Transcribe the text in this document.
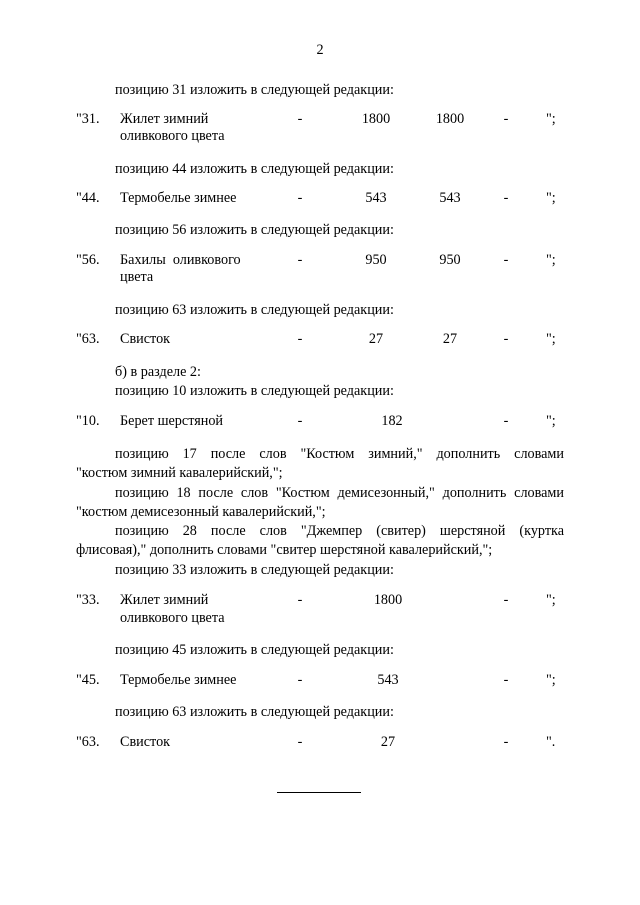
2
позицию 31 изложить в следующей редакции:
"31. Жилет зимний
оливкового цвета
-	1800	1800	-	";
позицию 44 изложить в следующей редакции:
"44. Термобелье зимнее	-	543	543	-	";
позицию 56 изложить в следующей редакции:
"56. Бахилы  оливкового
цвета
-	950	950	-	";
позицию 63 изложить в следующей редакции:
"63. Свисток	-	27	27	-	";
б) в разделе 2:
позицию 10 изложить в следующей редакции:
"10. Берет шерстяной	-	182	-	";
позицию 17 после слов "Костюм зимний," дополнить словами
"костюм зимний кавалерийский,";
позицию 18 после слов "Костюм демисезонный," дополнить словами
"костюм демисезонный кавалерийский,";
позицию 28 после слов "Джемпер (свитер) шерстяной (куртка
флисовая)," дополнить словами "свитер шерстяной кавалерийский,";
позицию 33 изложить в следующей редакции:
"33. Жилет зимний
оливкового цвета
-	1800	-	";
позицию 45 изложить в следующей редакции:
"45. Термобелье зимнее	-	543	-	";
позицию 63 изложить в следующей редакции:
"63. Свисток	-	27	-	".
